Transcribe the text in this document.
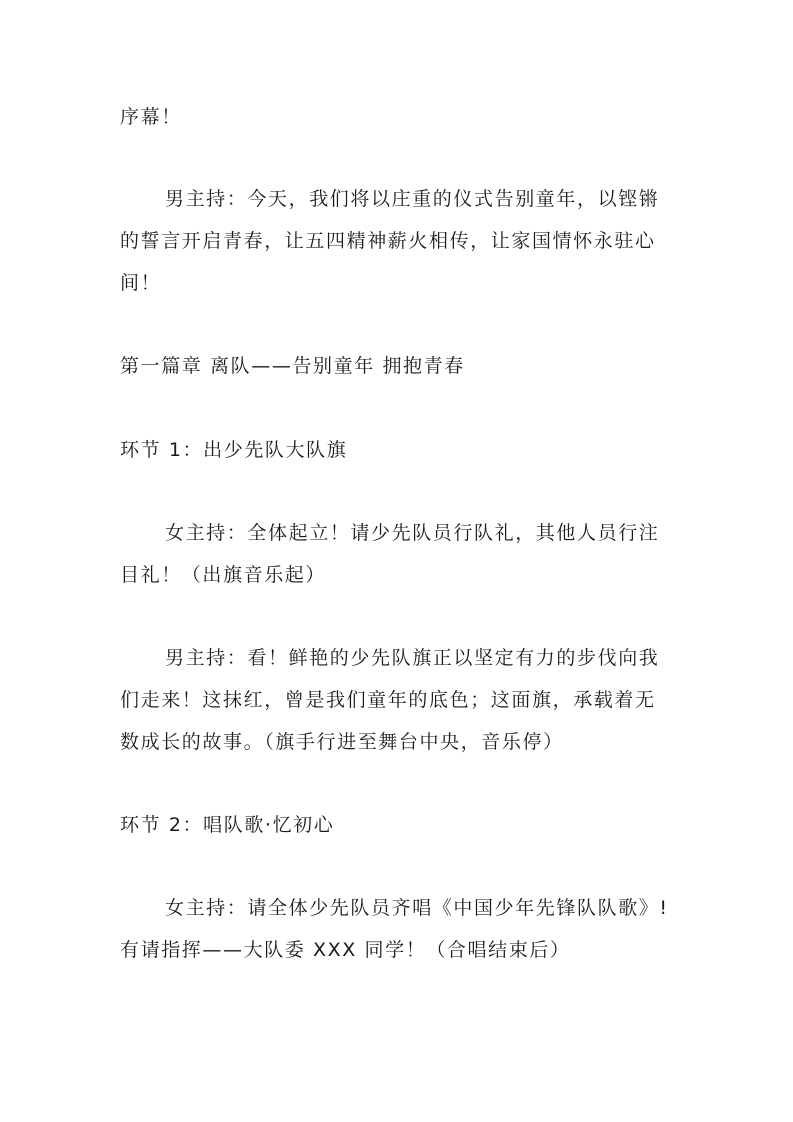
序幕！
男主持：今天，我们将以庄重的仪式告别童年，以铿锵
的誓言开启青春，让五四精神薪火相传，让家国情怀永驻心
间！
第一篇章 离队——告别童年 拥抱青春
环节 1：出少先队大队旗
女主持：全体起立！请少先队员行队礼，其他人员行注
目礼！（出旗音乐起）
男主持：看！鲜艳的少先队旗正以坚定有力的步伐向我
们走来！这抹红，曾是我们童年的底色；这面旗，承载着无
数成长的故事。（旗手行进至舞台中央，音乐停）
环节 2：唱队歌·忆初心
女主持：请全体少先队员齐唱《中国少年先锋队队歌》!
有请指挥——大队委 XXX 同学！（合唱结束后）
